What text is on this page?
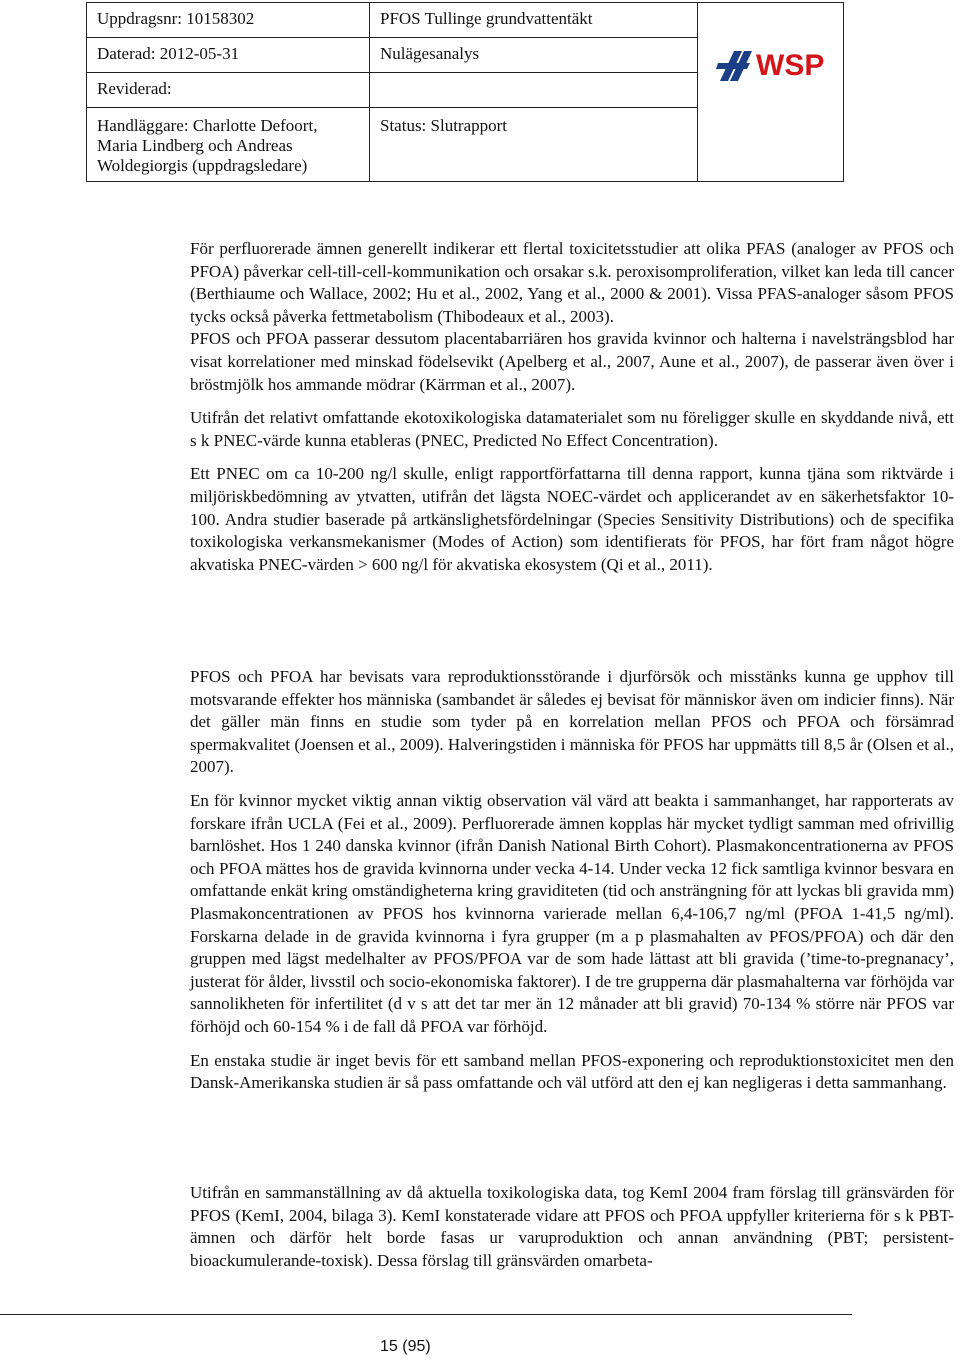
Uppdragsnr: 10158302
Daterad: 2012-05-31
Reviderad:
Handläggare: Charlotte Defoort, Maria Lindberg och Andreas Woldegiorgis (uppdragsledare)
PFOS Tullinge grundvattentäkt
Nulägesanalys
Status: Slutrapport
WSP

För perfluorerade ämnen generellt indikerar ett flertal toxicitetsstudier att olika PFAS (analoger av PFOS och PFOA) påverkar cell-till-cell-kommunikation och orsakar s.k. peroxisomproliferation, vilket kan leda till cancer (Berthiaume och Wallace, 2002; Hu et al., 2002, Yang et al., 2000 & 2001). Vissa PFAS-analoger såsom PFOS tycks också påverka fettmetabolism (Thibodeaux et al., 2003).

PFOS och PFOA passerar dessutom placentabarriären hos gravida kvinnor och halterna i navelsträngsblod har visat korrelationer med minskad födelsevikt (Apelberg et al., 2007, Aune et al., 2007), de passerar även över i bröstmjölk hos ammande mödrar (Kärrman et al., 2007).

Utifrån det relativt omfattande ekotoxikologiska datamaterialet som nu föreligger skulle en skyddande nivå, ett s k PNEC-värde kunna etableras (PNEC, Predicted No Effect Concentration).

Ett PNEC om ca 10-200 ng/l skulle, enligt rapportförfattarna till denna rapport, kunna tjäna som riktvärde i miljöriskbedömning av ytvatten, utifrån det lägsta NOEC-värdet och applicerandet av en säkerhetsfaktor 10-100. Andra studier baserade på artkänslighetsfördelningar (Species Sensitivity Distributions) och de specifika toxikologiska verkansmekanismer (Modes of Action) som identifierats för PFOS, har fört fram något högre akvatiska PNEC-värden > 600 ng/l för akvatiska ekosystem (Qi et al., 2011).

PFOS och PFOA har bevisats vara reproduktionsstörande i djurförsök och misstänks kunna ge upphov till motsvarande effekter hos människa (sambandet är således ej bevisat för människor även om indicier finns). När det gäller män finns en studie som tyder på en korrelation mellan PFOS och PFOA och försämrad spermakvalitet (Joensen et al., 2009). Halveringstiden i människa för PFOS har uppmätts till 8,5 år (Olsen et al., 2007).

En för kvinnor mycket viktig annan viktig observation väl värd att beakta i sammanhanget, har rapporterats av forskare ifrån UCLA (Fei et al., 2009). Perfluorerade ämnen kopplas här mycket tydligt samman med ofrivillig barnlöshet. Hos 1 240 danska kvinnor (ifrån Danish National Birth Cohort). Plasmakoncentrationerna av PFOS och PFOA mättes hos de gravida kvinnorna under vecka 4-14. Under vecka 12 fick samtliga kvinnor besvara en omfattande enkät kring omständigheterna kring graviditeten (tid och ansträngning för att lyckas bli gravida mm) Plasmakoncentrationen av PFOS hos kvinnorna varierade mellan 6,4-106,7 ng/ml (PFOA 1-41,5 ng/ml). Forskarna delade in de gravida kvinnorna i fyra grupper (m a p plasmahalten av PFOS/PFOA) och där den gruppen med lägst medelhalter av PFOS/PFOA var de som hade lättast att bli gravida (’time-to-pregnanacy’, justerat för ålder, livsstil och socio-ekonomiska faktorer). I de tre grupperna där plasmahalterna var förhöjda var sannolikheten för infertilitet (d v s att det tar mer än 12 månader att bli gravid) 70-134 % större när PFOS var förhöjd och 60-154 % i de fall då PFOA var förhöjd.

En enstaka studie är inget bevis för ett samband mellan PFOS-exponering och reproduktionstoxicitet men den Dansk-Amerikanska studien är så pass omfattande och väl utförd att den ej kan negligeras i detta sammanhang.

Utifrån en sammanställning av då aktuella toxikologiska data, tog KemI 2004 fram förslag till gränsvärden för PFOS (KemI, 2004, bilaga 3). KemI konstaterade vidare att PFOS och PFOA uppfyller kriterierna för s k PBT-ämnen och därför helt borde fasas ur varuproduktion och annan användning (PBT; persistent-bioackumulerande-toxisk). Dessa förslag till gränsvärden omarbeta-

15 (95)
